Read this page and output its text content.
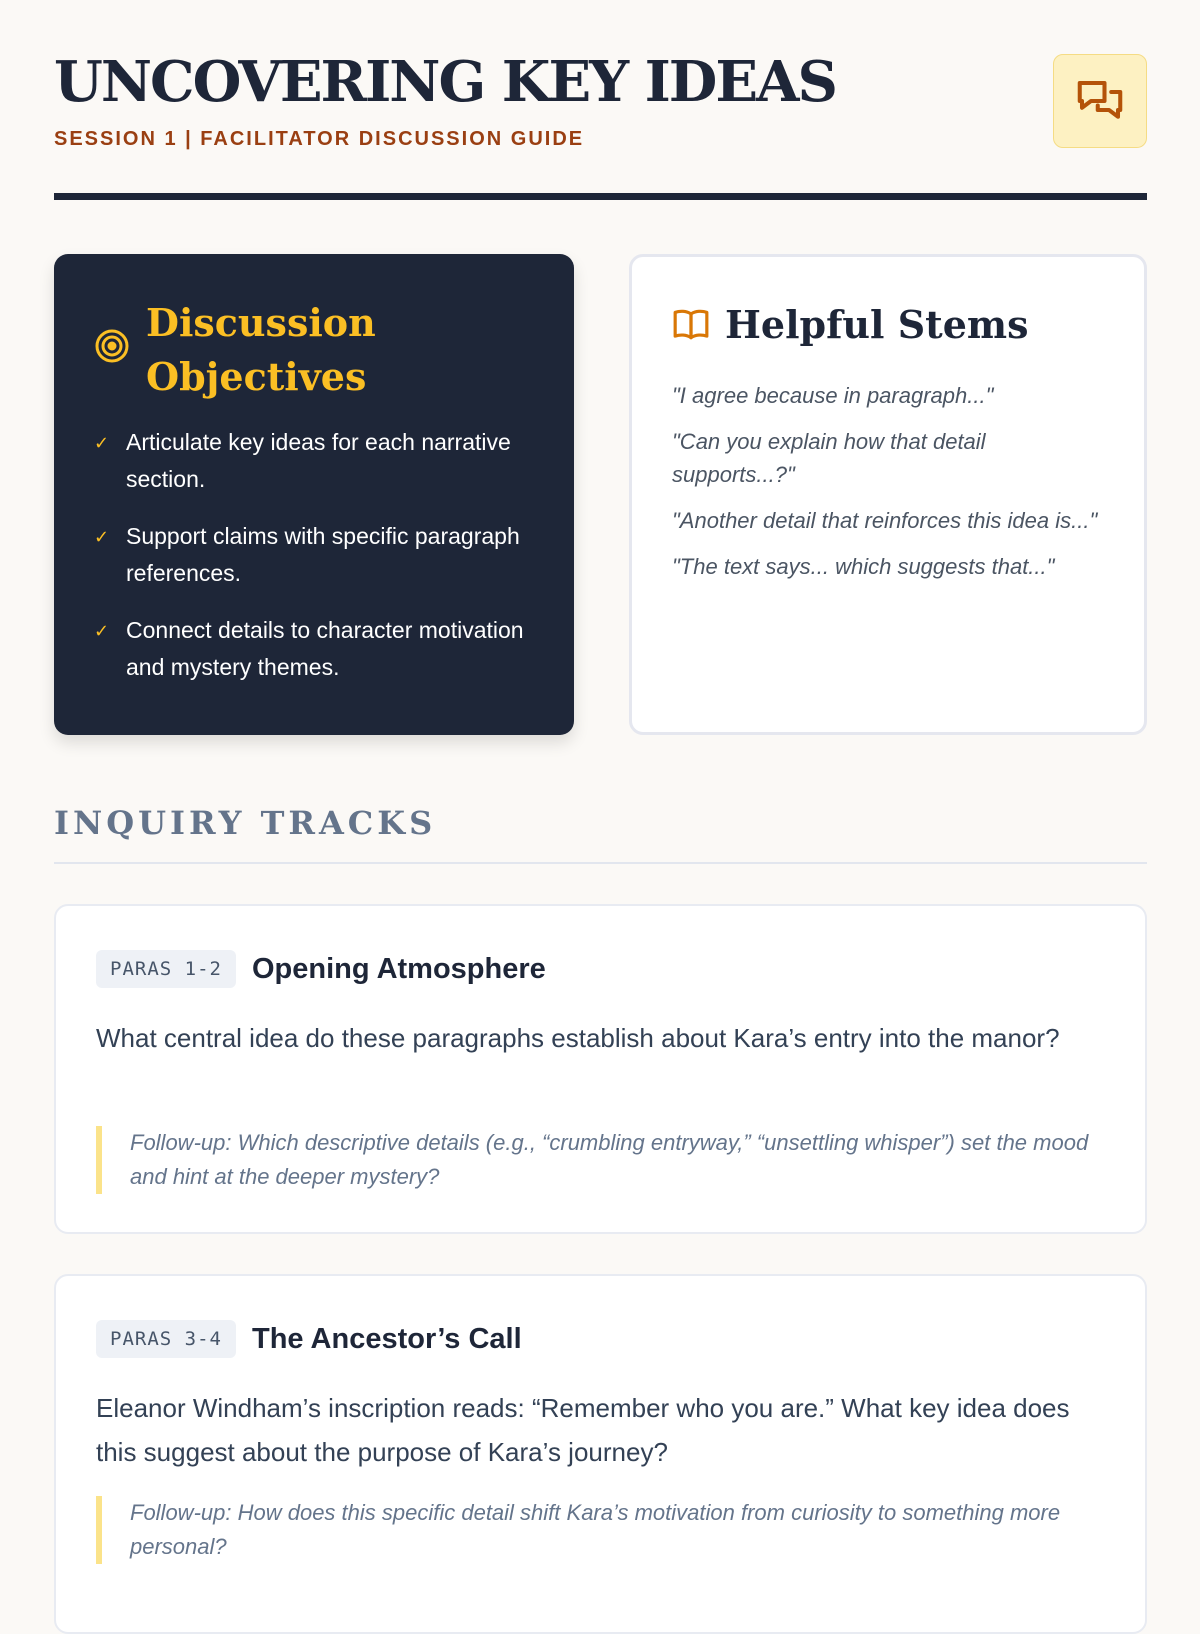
UNCOVERING KEY IDEAS
SESSION 1 | FACILITATOR DISCUSSION GUIDE
Discussion Objectives
✓ Articulate key ideas for each narrative section.
✓ Support claims with specific paragraph references.
✓ Connect details to character motivation and mystery themes.
Helpful Stems
"I agree because in paragraph..."
"Can you explain how that detail supports...?"
"Another detail that reinforces this idea is..."
"The text says... which suggests that..."
INQUIRY TRACKS
PARAS 1-2	Opening Atmosphere

What central idea do these paragraphs establish about Kara’s entry into the manor?

Follow-up: Which descriptive details (e.g., “crumbling entryway,” “unsettling whisper”) set the mood and hint at the deeper mystery?
PARAS 3-4	The Ancestor’s Call

Eleanor Windham’s inscription reads: “Remember who you are.” What key idea does this suggest about the purpose of Kara’s journey?

Follow-up: How does this specific detail shift Kara’s motivation from curiosity to something more personal?
